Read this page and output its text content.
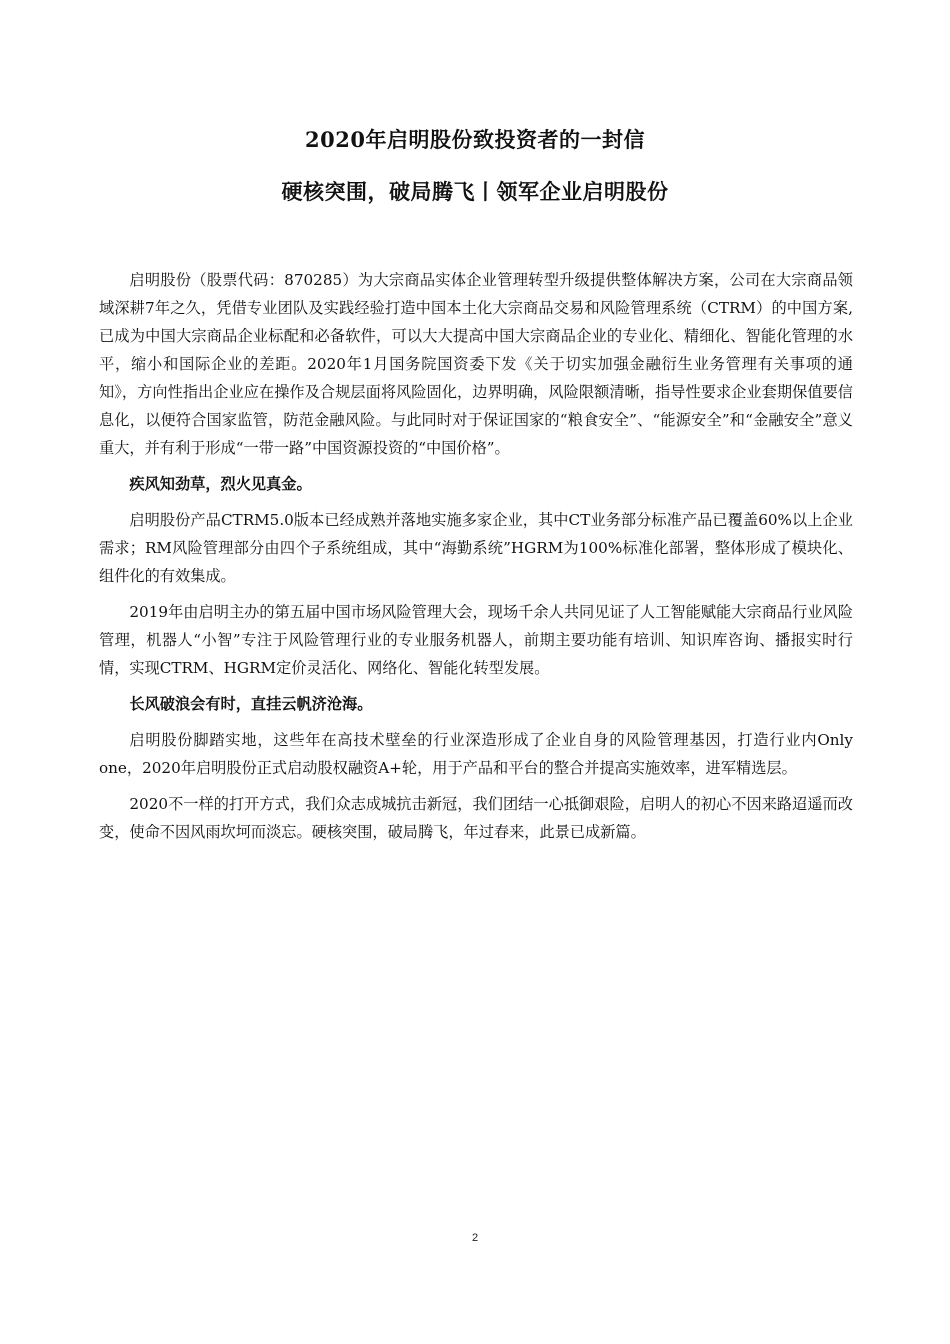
2020年启明股份致投资者的一封信
硬核突围，破局腾飞丨领军企业启明股份

启明股份（股票代码：870285）为大宗商品实体企业管理转型升级提供整体解决方案，公司在大宗商品领域深耕7年之久，凭借专业团队及实践经验打造中国本土化大宗商品交易和风险管理系统（CTRM）的中国方案,已成为中国大宗商品企业标配和必备软件，可以大大提高中国大宗商品企业的专业化、精细化、智能化管理的水平，缩小和国际企业的差距。2020年1月国务院国资委下发《关于切实加强金融衍生业务管理有关事项的通知》，方向性指出企业应在操作及合规层面将风险固化，边界明确，风险限额清晰，指导性要求企业套期保值要信息化，以便符合国家监管，防范金融风险。与此同时对于保证国家的“粮食安全”、“能源安全”和“金融安全”意义重大，并有利于形成“一带一路”中国资源投资的“中国价格”。

疾风知劲草，烈火见真金。

启明股份产品CTRM5.0版本已经成熟并落地实施多家企业，其中CT业务部分标准产品已覆盖60%以上企业需求；RM风险管理部分由四个子系统组成，其中“海勤系统”HGRM为100%标准化部署，整体形成了模块化、组件化的有效集成。

2019年由启明主办的第五届中国市场风险管理大会，现场千余人共同见证了人工智能赋能大宗商品行业风险管理，机器人“小智”专注于风险管理行业的专业服务机器人，前期主要功能有培训、知识库咨询、播报实时行情，实现CTRM、HGRM定价灵活化、网络化、智能化转型发展。

长风破浪会有时，直挂云帆济沧海。

启明股份脚踏实地，这些年在高技术壁垒的行业深造形成了企业自身的风险管理基因，打造行业内Only one，2020年启明股份正式启动股权融资A+轮，用于产品和平台的整合并提高实施效率，进军精选层。

2020不一样的打开方式，我们众志成城抗击新冠，我们团结一心抵御艰险，启明人的初心不因来路迢遥而改变，使命不因风雨坎坷而淡忘。硬核突围，破局腾飞，年过春来，此景已成新篇。

2
